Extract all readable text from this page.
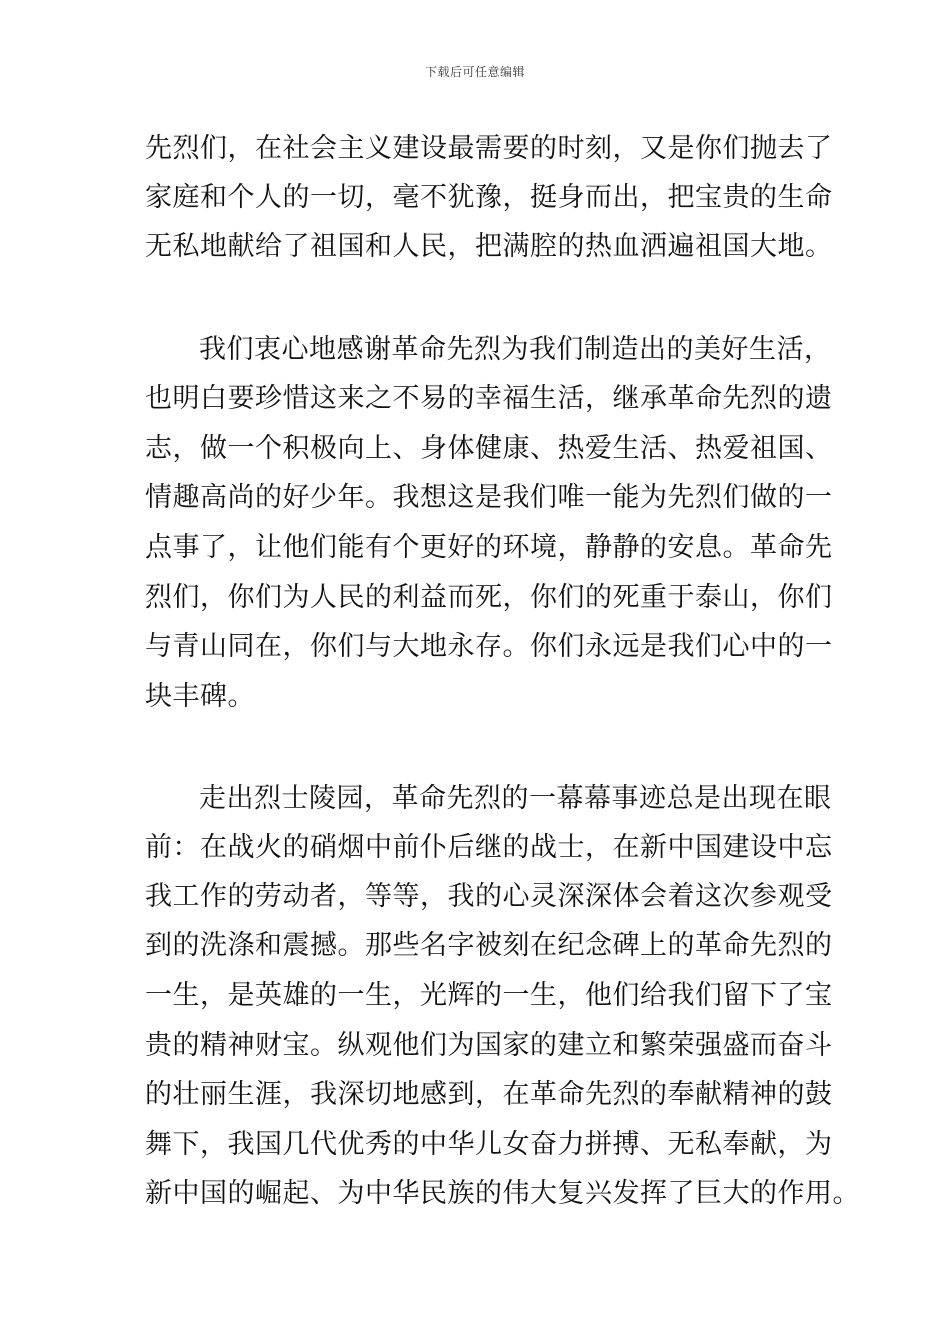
下载后可任意编辑
先烈们，在社会主义建设最需要的时刻，又是你们抛去了
家庭和个人的一切，毫不犹豫，挺身而出，把宝贵的生命
无私地献给了祖国和人民，把满腔的热血洒遍祖国大地。
我们衷心地感谢革命先烈为我们制造出的美好生活，
也明白要珍惜这来之不易的幸福生活，继承革命先烈的遗
志，做一个积极向上、身体健康、热爱生活、热爱祖国、
情趣高尚的好少年。我想这是我们唯一能为先烈们做的一
点事了，让他们能有个更好的环境，静静的安息。革命先
烈们，你们为人民的利益而死，你们的死重于泰山，你们
与青山同在，你们与大地永存。你们永远是我们心中的一
块丰碑。
走出烈士陵园，革命先烈的一幕幕事迹总是出现在眼
前：在战火的硝烟中前仆后继的战士，在新中国建设中忘
我工作的劳动者，等等，我的心灵深深体会着这次参观受
到的洗涤和震撼。那些名字被刻在纪念碑上的革命先烈的
一生，是英雄的一生，光辉的一生，他们给我们留下了宝
贵的精神财宝。纵观他们为国家的建立和繁荣强盛而奋斗
的壮丽生涯，我深切地感到，在革命先烈的奉献精神的鼓
舞下，我国几代优秀的中华儿女奋力拼搏、无私奉献，为
新中国的崛起、为中华民族的伟大复兴发挥了巨大的作用。
